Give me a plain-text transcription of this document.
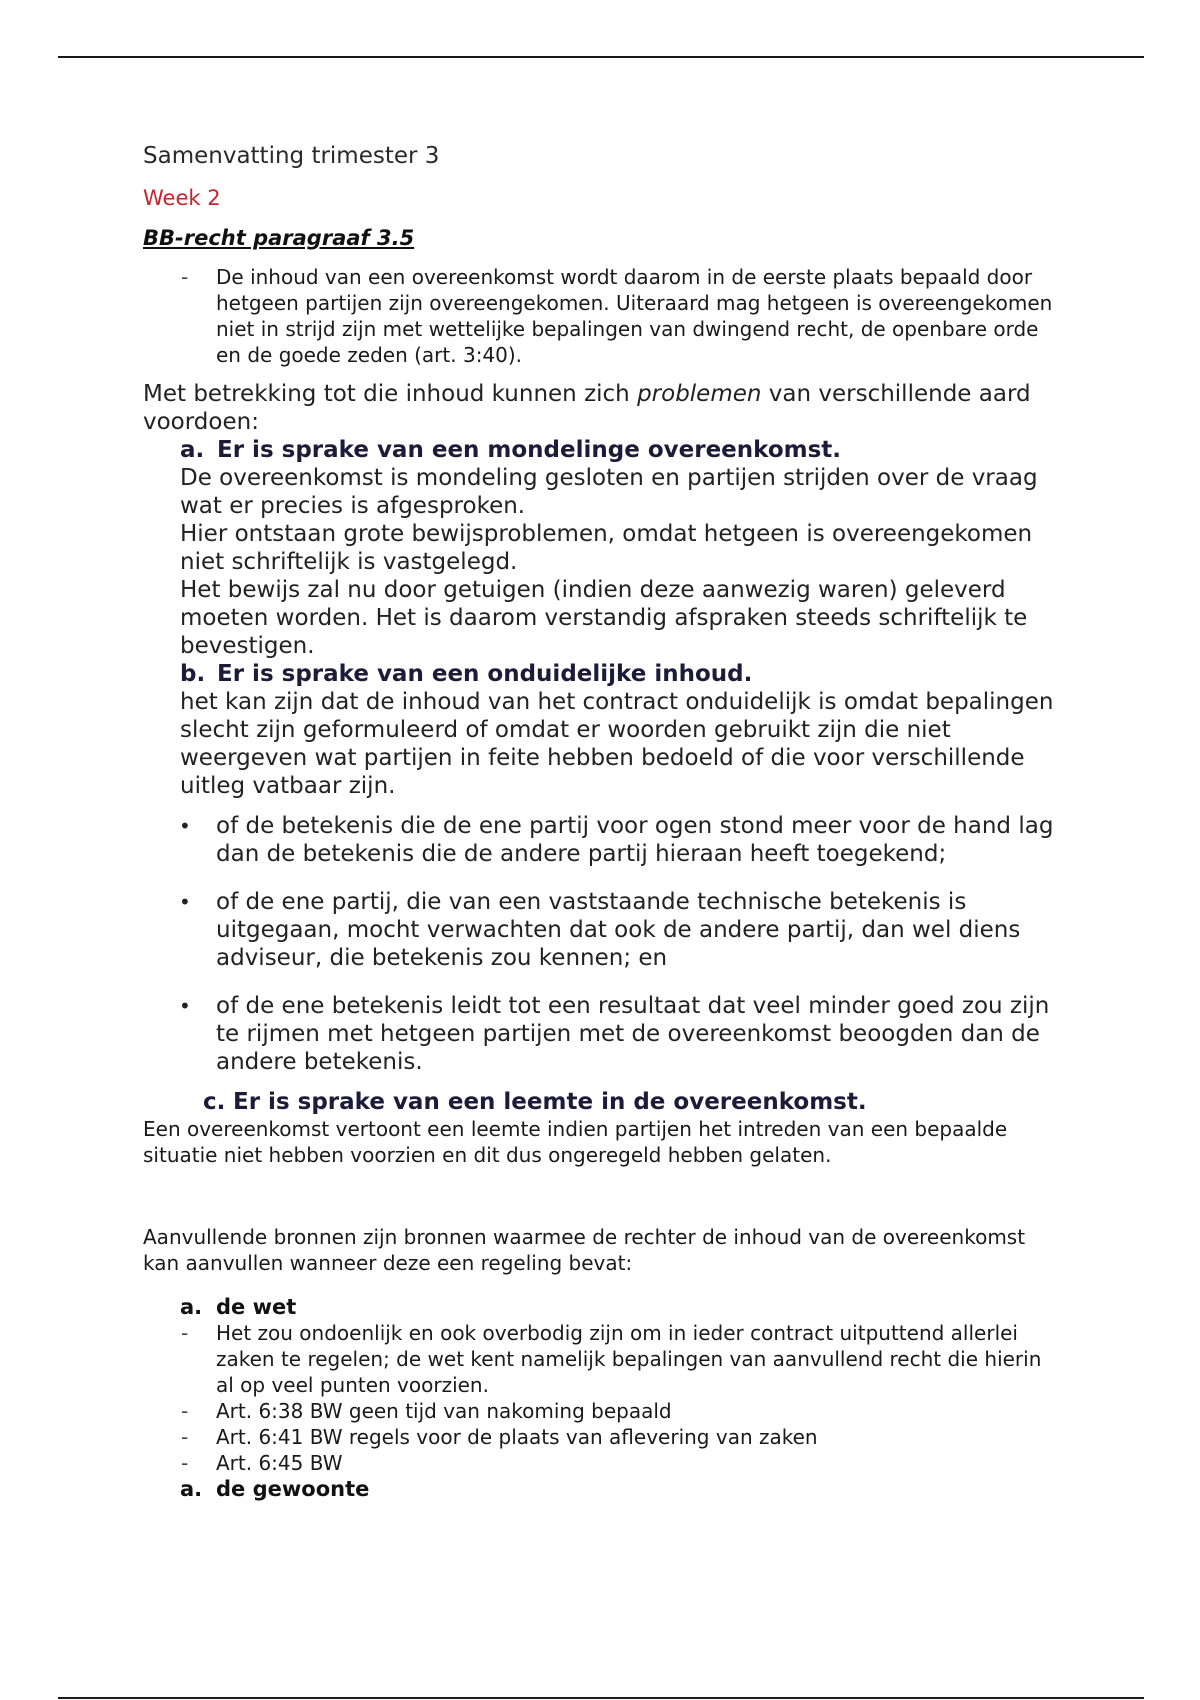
Samenvatting trimester 3
Week 2
BB-recht paragraaf 3.5
- De inhoud van een overeenkomst wordt daarom in de eerste plaats bepaald door hetgeen partijen zijn overeengekomen. Uiteraard mag hetgeen is overeengekomen niet in strijd zijn met wettelijke bepalingen van dwingend recht, de openbare orde en de goede zeden (art. 3:40).

Met betrekking tot die inhoud kunnen zich problemen van verschillende aard voordoen:

a. Er is sprake van een mondelinge overeenkomst.

De overeenkomst is mondeling gesloten en partijen strijden over de vraag wat er precies is afgesproken.
Hier ontstaan grote bewijsproblemen, omdat hetgeen is overeengekomen niet schriftelijk is vastgelegd.
Het bewijs zal nu door getuigen (indien deze aanwezig waren) geleverd moeten worden. Het is daarom verstandig afspraken steeds schriftelijk te bevestigen.

b. Er is sprake van een onduidelijke inhoud.

het kan zijn dat de inhoud van het contract onduidelijk is omdat bepalingen slecht zijn geformuleerd of omdat er woorden gebruikt zijn die niet weergeven wat partijen in feite hebben bedoeld of die voor verschillende uitleg vatbaar zijn.

• of de betekenis die de ene partij voor ogen stond meer voor de hand lag dan de betekenis die de andere partij hieraan heeft toegekend;
• of de ene partij, die van een vaststaande technische betekenis is uitgegaan, mocht verwachten dat ook de andere partij, dan wel diens adviseur, die betekenis zou kennen; en
• of de ene betekenis leidt tot een resultaat dat veel minder goed zou zijn te rijmen met hetgeen partijen met de overeenkomst beoogden dan de andere betekenis.
c. Er is sprake van een leemte in de overeenkomst.

Een overeenkomst vertoont een leemte indien partijen het intreden van een bepaalde situatie niet hebben voorzien en dit dus ongeregeld hebben gelaten.

Aanvullende bronnen zijn bronnen waarmee de rechter de inhoud van de overeenkomst kan aanvullen wanneer deze een regeling bevat:

a. de wet
- Het zou ondoenlijk en ook overbodig zijn om in ieder contract uitputtend allerlei zaken te regelen; de wet kent namelijk bepalingen van aanvullend recht die hierin al op veel punten voorzien.
- Art. 6:38 BW geen tijd van nakoming bepaald
- Art. 6:41 BW regels voor de plaats van aflevering van zaken
- Art. 6:45 BW
a. de gewoonte
